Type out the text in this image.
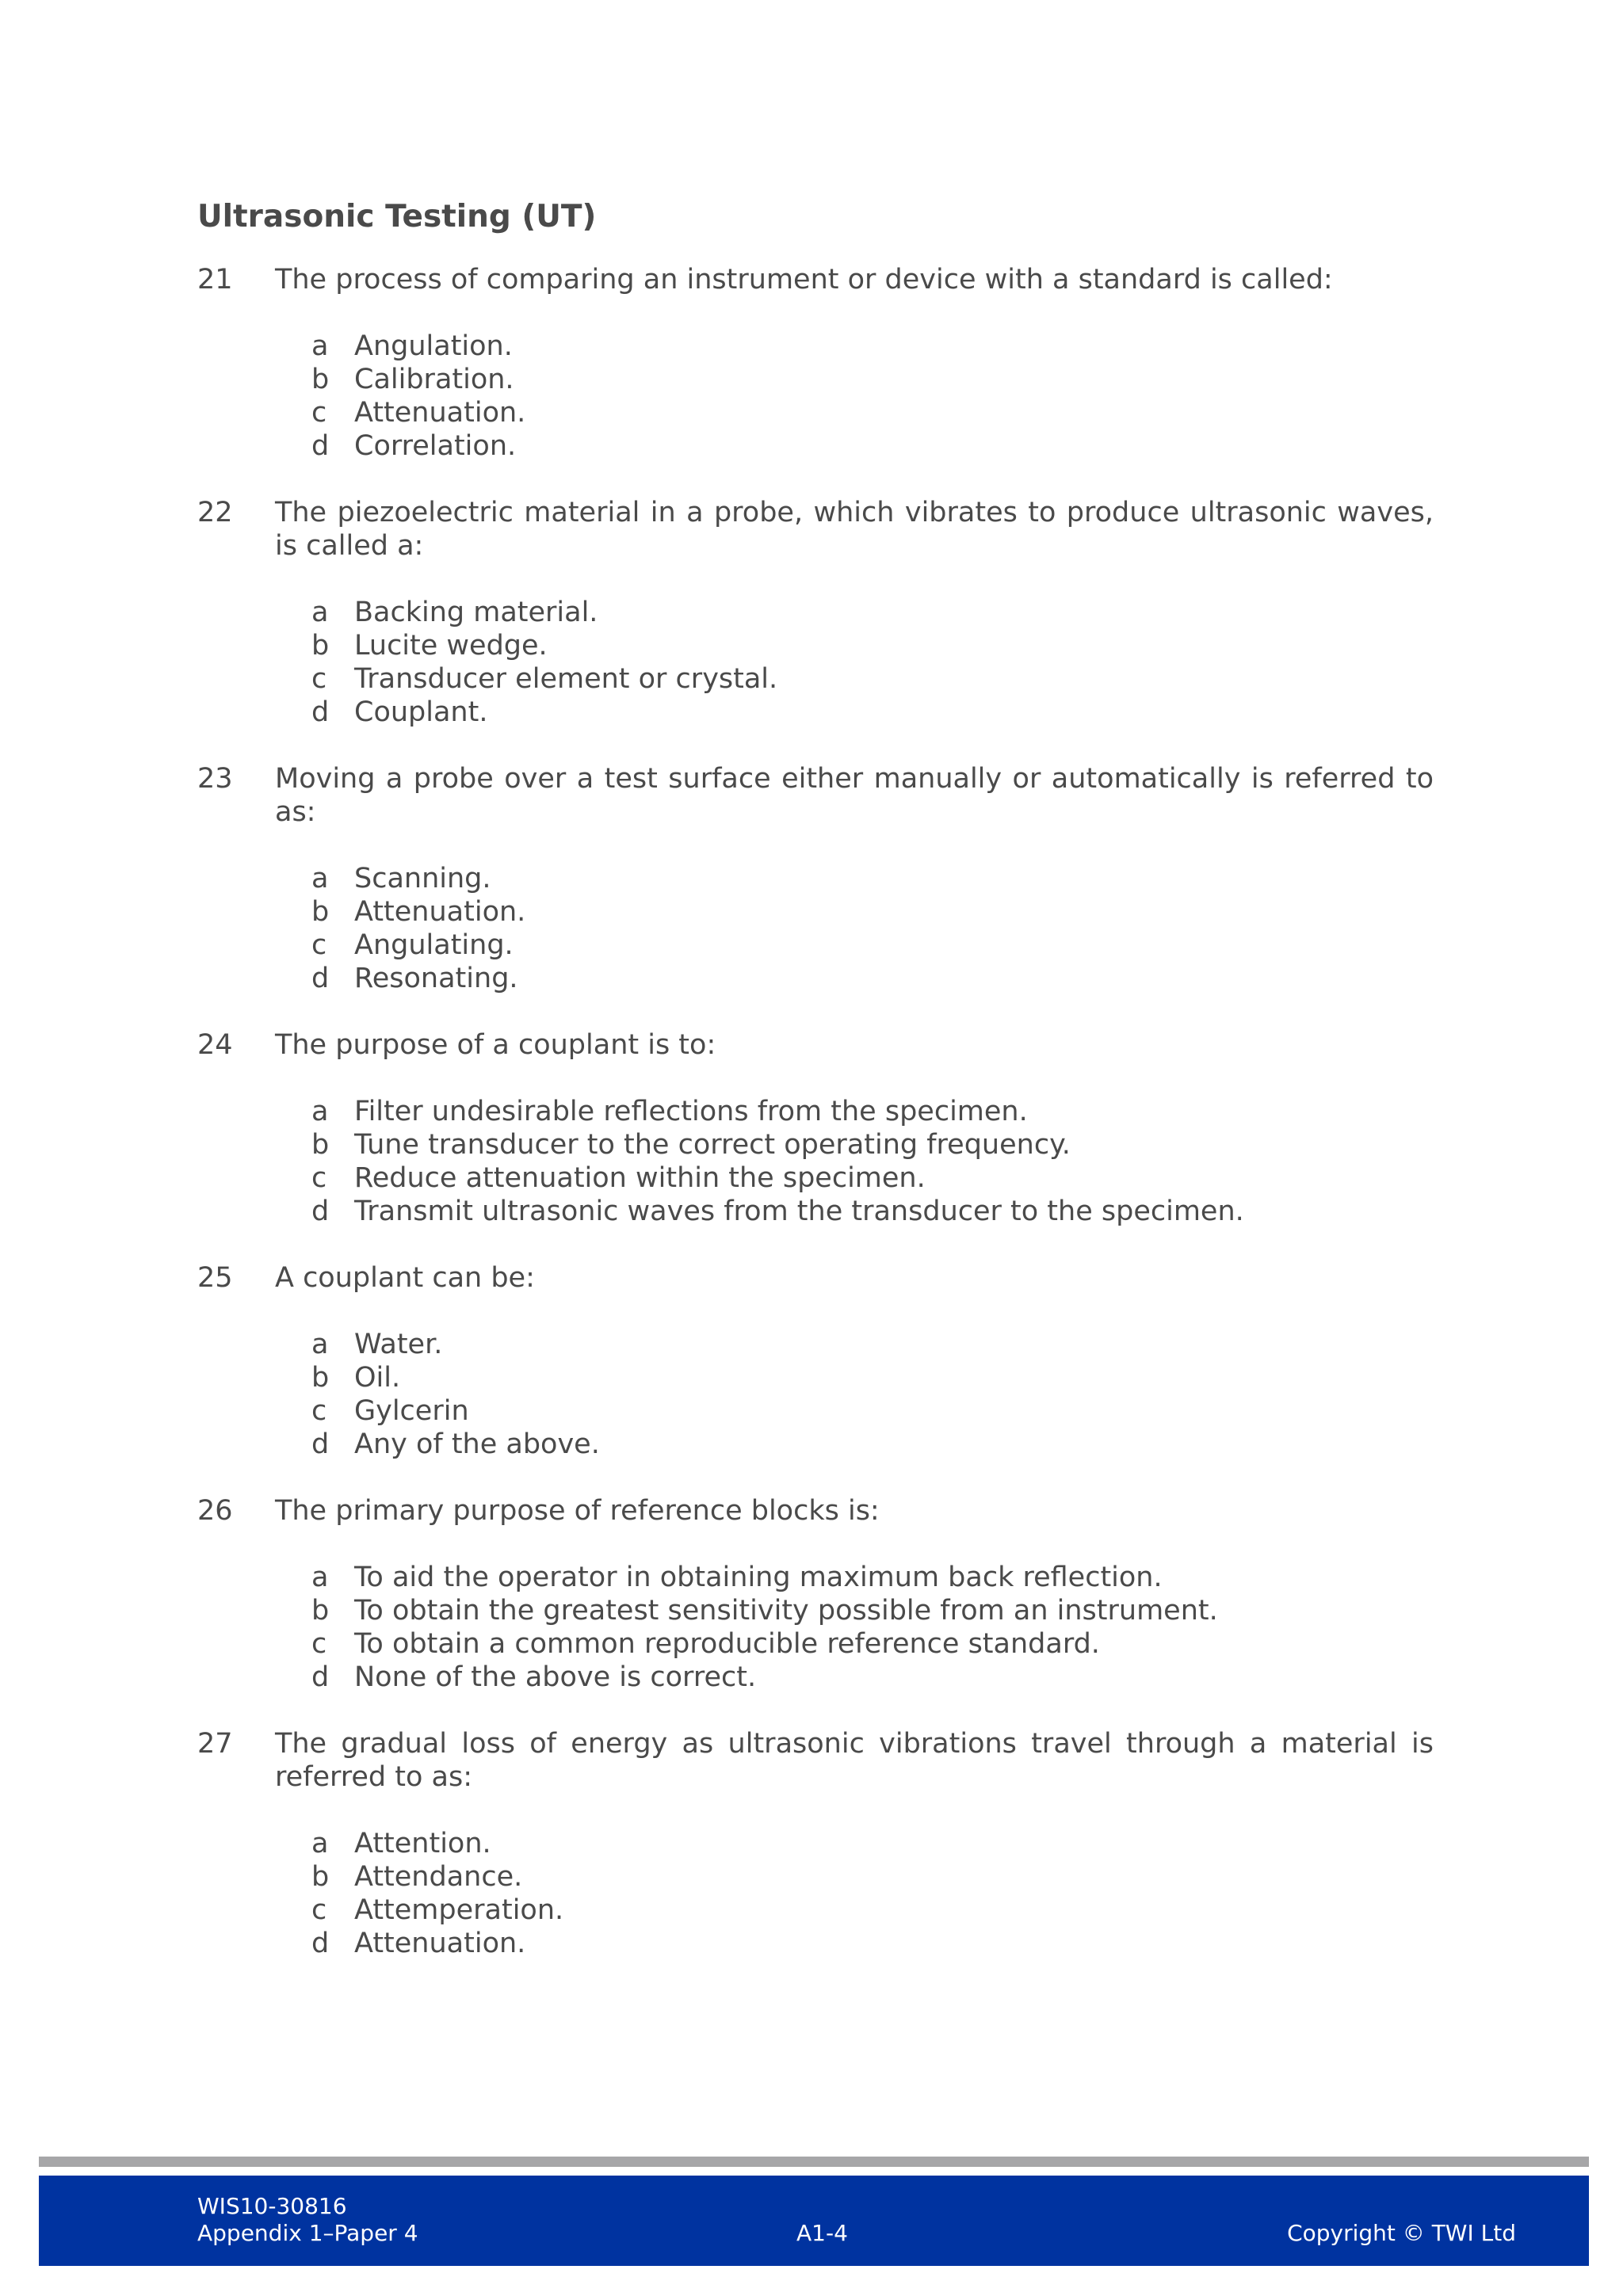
Ultrasonic Testing (UT)
21	The process of comparing an instrument or device with a standard is called:
a Angulation.
b Calibration.
c Attenuation.
d Correlation.
22	The piezoelectric material in a probe, which vibrates to produce ultrasonic waves, is called a:
a Backing material.
b Lucite wedge.
c Transducer element or crystal.
d Couplant.
23	Moving a probe over a test surface either manually or automatically is referred to as:
a Scanning.
b Attenuation.
c Angulating.
d Resonating.
24	The purpose of a couplant is to:
a Filter undesirable reflections from the specimen.
b Tune transducer to the correct operating frequency.
c Reduce attenuation within the specimen.
d Transmit ultrasonic waves from the transducer to the specimen.
25	A couplant can be:
a Water.
b Oil.
c Gylcerin
d Any of the above.
26	The primary purpose of reference blocks is:
a To aid the operator in obtaining maximum back reflection.
b To obtain the greatest sensitivity possible from an instrument.
c To obtain a common reproducible reference standard.
d None of the above is correct.
27	The gradual loss of energy as ultrasonic vibrations travel through a material is referred to as:
a Attention.
b Attendance.
c Attemperation.
d Attenuation.
WIS10-30816
Appendix 1–Paper 4	A1-4	Copyright © TWI Ltd
